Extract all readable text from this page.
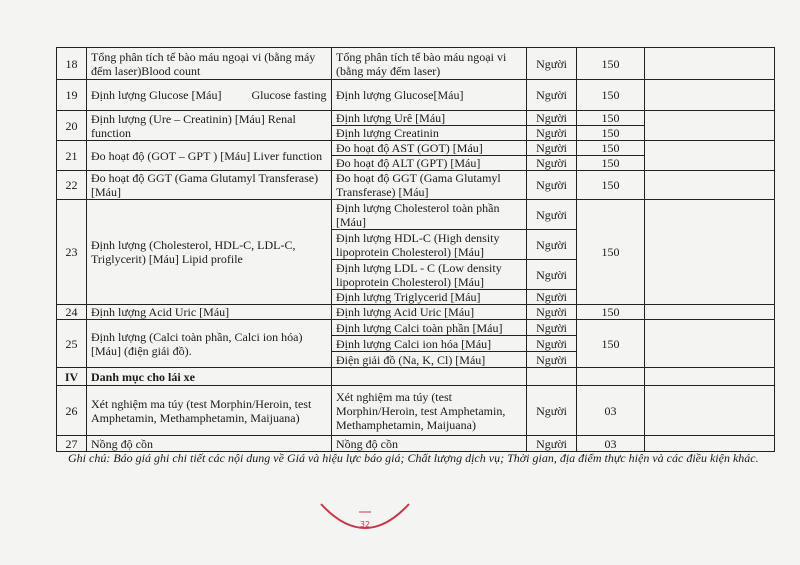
18	Tổng phân tích tế bào máu ngoại vi (bằng máy đếm laser)Blood count	Tổng phân tích tế bào máu ngoại vi (bằng máy đếm laser)	Người	150	
19	Định lượng Glucose [Máu]          Glucose fasting	Định lượng Glucose[Máu]	Người	150	
20	Định lượng (Ure – Creatinin) [Máu] Renal function	Định lượng Urê [Máu]	Người	150	
		Định lượng Creatinin	Người	150	
21	Đo hoạt độ (GOT – GPT ) [Máu] Liver function	Đo hoạt độ AST (GOT) [Máu]	Người	150	
		Đo hoạt độ ALT (GPT) [Máu]	Người	150	
22	Đo hoạt độ GGT (Gama Glutamyl Transferase) [Máu]	Đo hoạt độ GGT (Gama Glutamyl Transferase) [Máu]	Người	150	
23	Định lượng (Cholesterol, HDL-C, LDL-C, Triglycerit) [Máu] Lipid profile	Định lượng Cholesterol toàn phần [Máu]	Người	150	
		Định lượng HDL-C (High density lipoprotein Cholesterol) [Máu]	Người		
		Định lượng LDL - C (Low density lipoprotein Cholesterol) [Máu]	Người		
		Định lượng Triglycerid [Máu]	Người		
24	Định lượng Acid Uric [Máu]	Định lượng Acid Uric [Máu]	Người	150	
25	Định lượng (Calci toàn phần, Calci ion hóa) [Máu] (điện giải đồ).	Định lượng Calci toàn phần [Máu]	Người	150	
		Định lượng Calci ion hóa [Máu]	Người		
		Điện giải đồ (Na, K, Cl) [Máu]	Người		
IV	Danh mục cho lái xe				
26	Xét nghiệm ma túy (test Morphin/Heroin, test Amphetamin, Methamphetamin, Maijuana)	Xét nghiệm ma túy (test Morphin/Heroin, test Amphetamin, Methamphetamin, Maijuana)	Người	03	
27	Nồng độ cồn	Nồng độ cồn	Người	03	
Ghi chú: Báo giá ghi chi tiết các nội dung về Giá và hiệu lực báo giá; Chất lượng dịch vụ; Thời gian, địa điểm thực hiện và các điều kiện khác.
32
